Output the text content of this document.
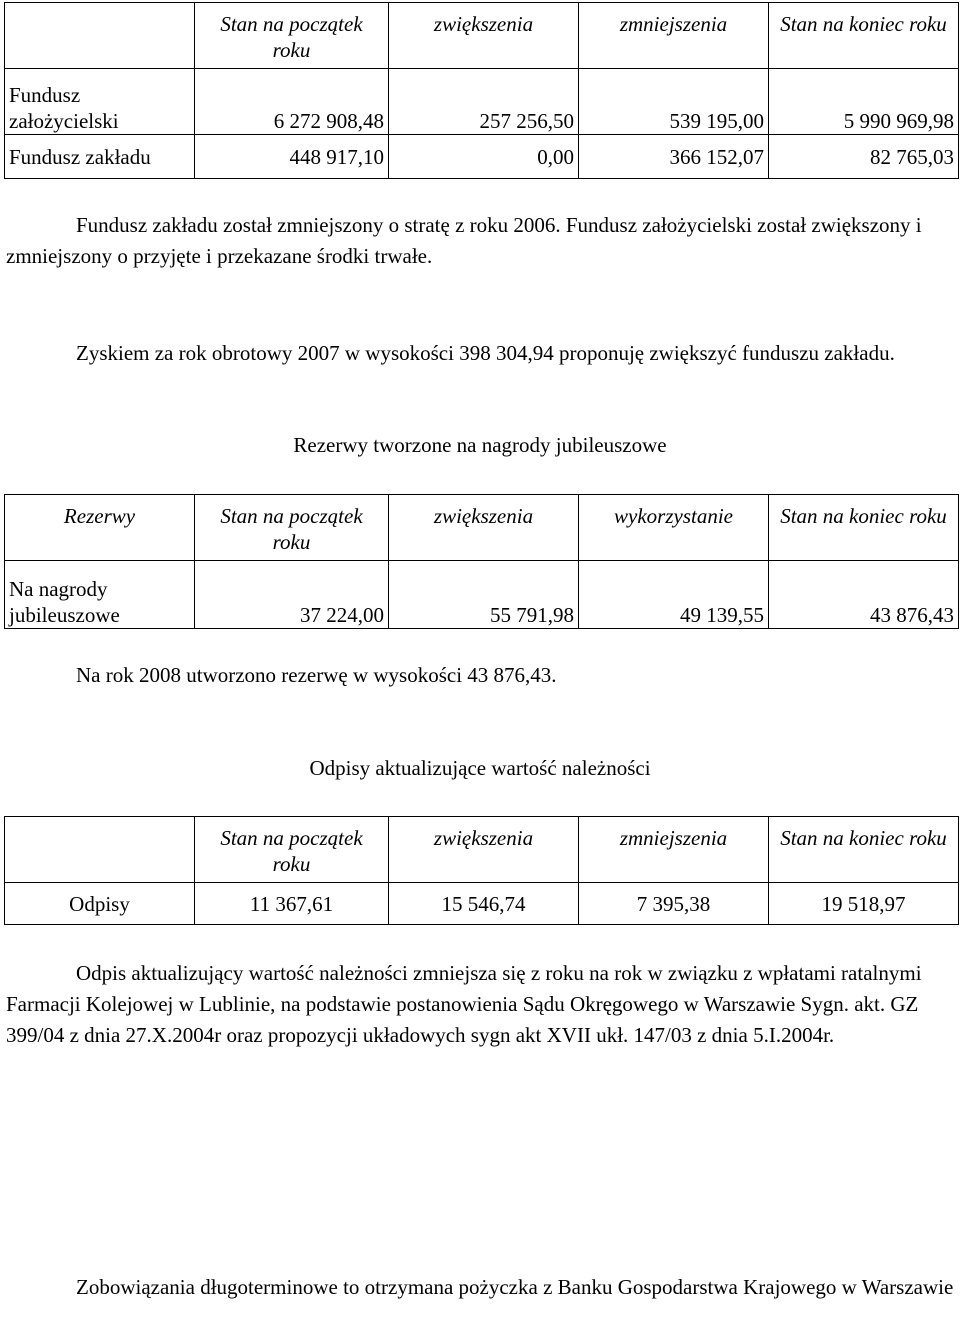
	Stan na początek roku	zwiększenia	zmniejszenia	Stan na koniec roku
Fundusz założycielski	6 272 908,48	257 256,50	539 195,00	5 990 969,98
Fundusz zakładu	448 917,10	0,00	366 152,07	82 765,03
Fundusz zakładu został zmniejszony o stratę z roku 2006. Fundusz założycielski został zwiększony i zmniejszony o przyjęte i przekazane środki trwałe.
Zyskiem za rok obrotowy 2007 w wysokości 398 304,94 proponuję zwiększyć funduszu zakładu.
Rezerwy tworzone na nagrody jubileuszowe
Rezerwy	Stan na początek roku	zwiększenia	wykorzystanie	Stan na koniec roku
Na nagrody jubileuszowe	37 224,00	55 791,98	49 139,55	43 876,43
Na rok 2008 utworzono rezerwę w wysokości 43 876,43.
Odpisy aktualizujące wartość należności
	Stan na początek roku	zwiększenia	zmniejszenia	Stan na koniec roku
Odpisy	11 367,61	15 546,74	7 395,38	19 518,97
Odpis aktualizujący wartość należności zmniejsza się z roku na rok w związku z wpłatami ratalnymi Farmacji Kolejowej w Lublinie, na podstawie postanowienia Sądu Okręgowego w Warszawie Sygn. akt. GZ 399/04 z dnia 27.X.2004r oraz propozycji układowych sygn akt XVII ukł. 147/03 z dnia 5.I.2004r.
Zobowiązania długoterminowe to otrzymana pożyczka z Banku Gospodarstwa Krajowego w Warszawie
